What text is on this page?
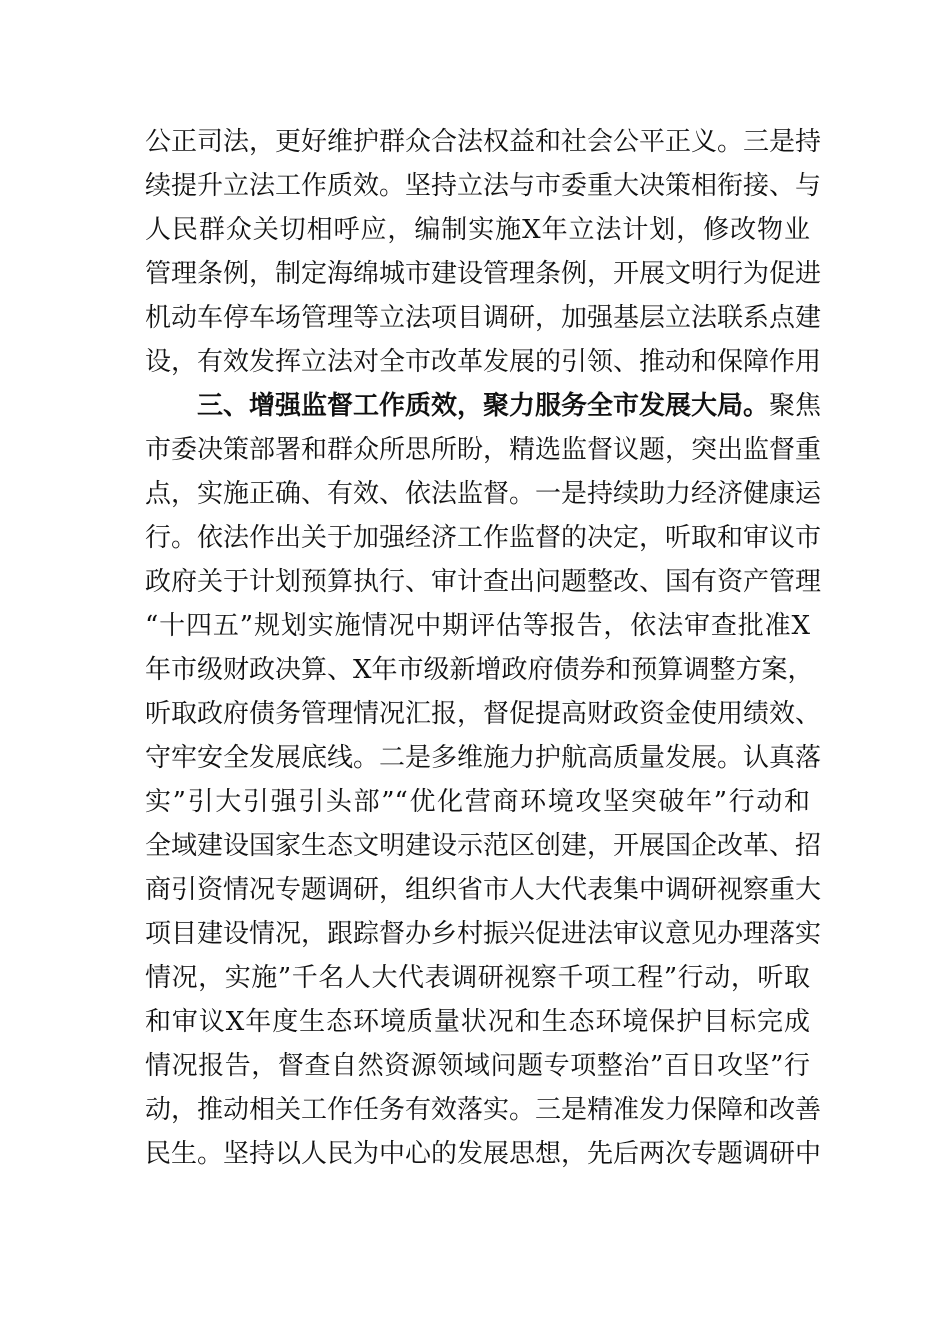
公正司法，更好维护群众合法权益和社会公平正义。三是持
续提升立法工作质效。坚持立法与市委重大决策相衔接、与
人民群众关切相呼应，编制实施X年立法计划，修改物业
管理条例，制定海绵城市建设管理条例，开展文明行为促进
机动车停车场管理等立法项目调研，加强基层立法联系点建
设，有效发挥立法对全市改革发展的引领、推动和保障作用
三、增强监督工作质效，聚力服务全市发展大局。聚焦
市委决策部署和群众所思所盼，精选监督议题，突出监督重
点，实施正确、有效、依法监督。一是持续助力经济健康运
行。依法作出关于加强经济工作监督的决定，听取和审议市
政府关于计划预算执行、审计查出问题整改、国有资产管理
“十四五”规划实施情况中期评估等报告，依法审查批准X
年市级财政决算、X年市级新增政府债券和预算调整方案，
听取政府债务管理情况汇报，督促提高财政资金使用绩效、
守牢安全发展底线。二是多维施力护航高质量发展。认真落
实”引大引强引头部”“优化营商环境攻坚突破年”行动和
全域建设国家生态文明建设示范区创建，开展国企改革、招
商引资情况专题调研，组织省市人大代表集中调研视察重大
项目建设情况，跟踪督办乡村振兴促进法审议意见办理落实
情况，实施”千名人大代表调研视察千项工程”行动，听取
和审议X年度生态环境质量状况和生态环境保护目标完成
情况报告，督查自然资源领域问题专项整治”百日攻坚”行
动，推动相关工作任务有效落实。三是精准发力保障和改善
民生。坚持以人民为中心的发展思想，先后两次专题调研中
